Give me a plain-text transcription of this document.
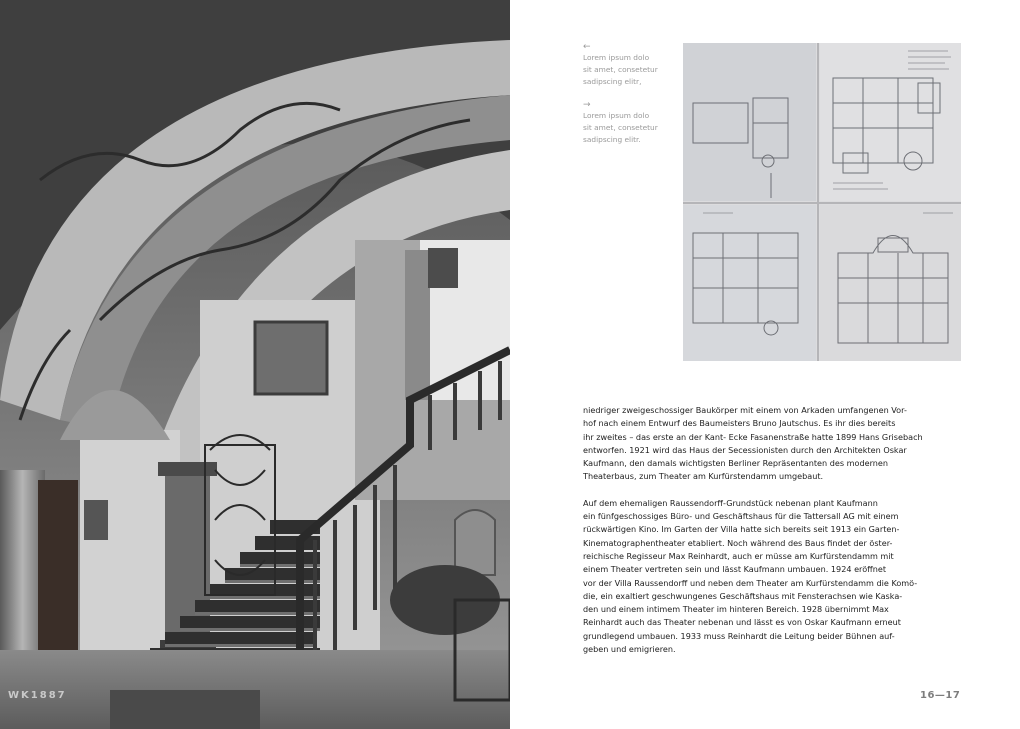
WK1887
←
Lorem ipsum dolo
sit amet, consetetur
sadipscing elitr,
→
Lorem ipsum dolo
sit amet, consetetur
sadipscing elitr.

niedriger zweigeschossiger Baukörper mit einem von Arkaden umfangenen Vor-
hof nach einem Entwurf des Baumeisters Bruno Jautschus. Es ihr dies bereits
ihr zweites – das erste an der Kant- Ecke Fasanenstraße hatte 1899 Hans Grisebach
entworfen. 1921 wird das Haus der Secessionisten durch den Architekten Oskar
Kaufmann, den damals wichtigsten Berliner Repräsentanten des modernen
Theaterbaus, zum Theater am Kurfürstendamm umgebaut.

Auf dem ehemaligen Raussendorff-Grundstück nebenan plant Kaufmann
ein fünfgeschossiges Büro- und Geschäftshaus für die Tattersall AG mit einem
rückwärtigen Kino. Im Garten der Villa hatte sich bereits seit 1913 ein Garten-
Kinematographentheater etabliert. Noch während des Baus findet der öster-
reichische Regisseur Max Reinhardt, auch er müsse am Kurfürstendamm mit
einem Theater vertreten sein und lässt Kaufmann umbauen. 1924 eröffnet
vor der Villa Raussendorff und neben dem Theater am Kurfürstendamm die Komö-
die, ein exaltiert geschwungenes Geschäftshaus mit Fensterachsen wie Kaska-
den und einem intimem Theater im hinteren Bereich. 1928 übernimmt Max
Reinhardt auch das Theater nebenan und lässt es von Oskar Kaufmann erneut
grundlegend umbauen. 1933 muss Reinhardt die Leitung beider Bühnen auf-
geben und emigrieren.

16—17
